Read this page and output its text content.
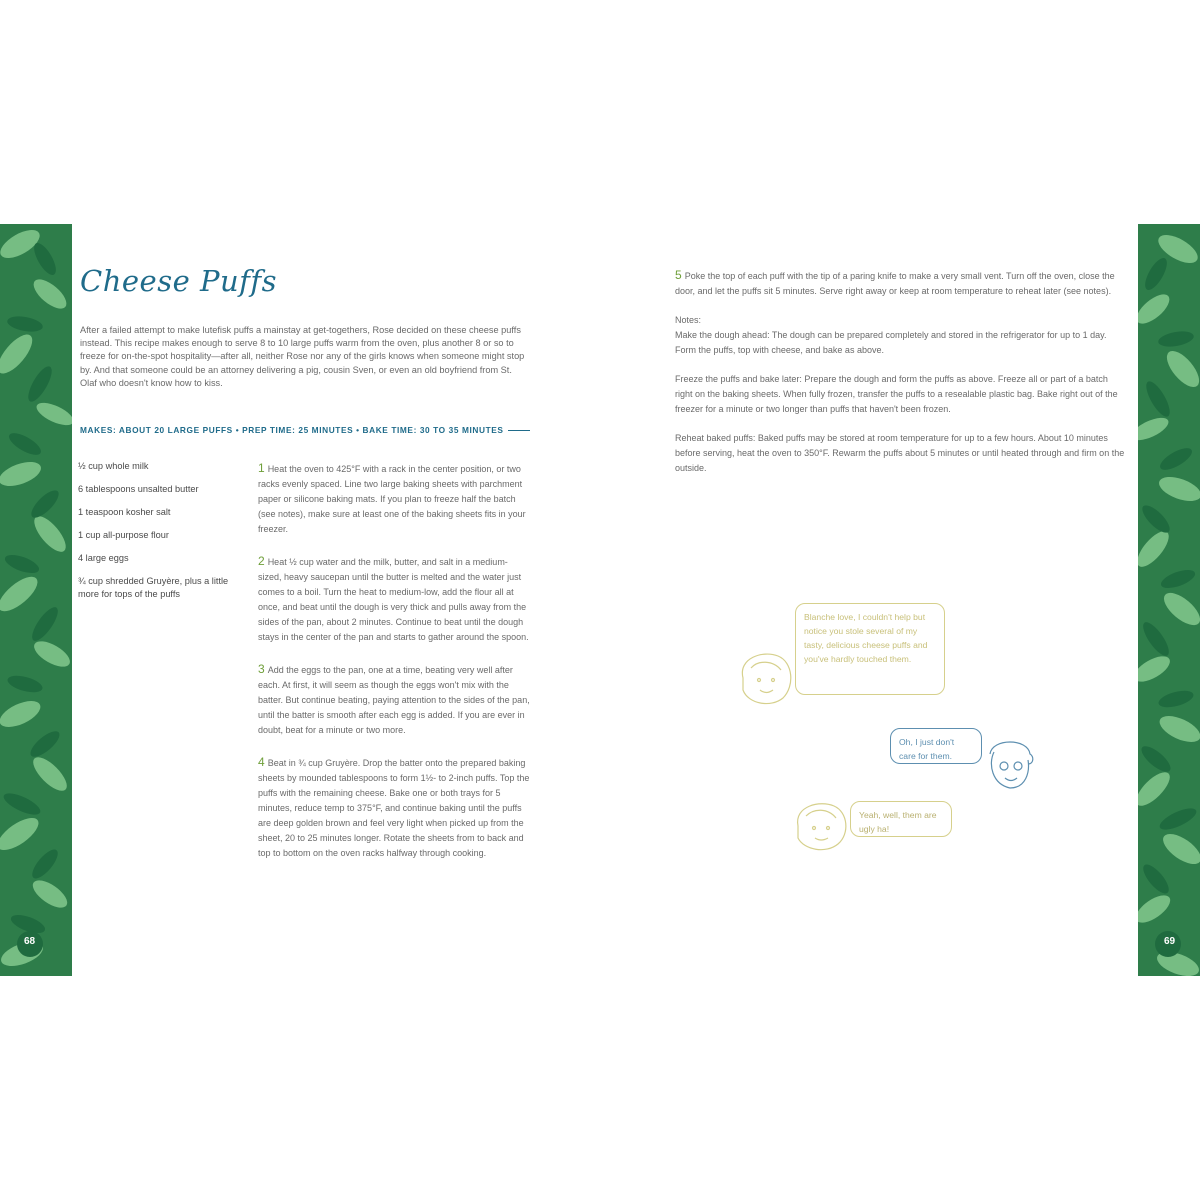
68	69
Cheese Puffs

After a failed attempt to make lutefisk puffs a mainstay at get-togethers, Rose decided on these cheese puffs instead. This recipe makes enough to serve 8 to 10 large puffs warm from the oven, plus another 8 or so to freeze for on-the-spot hospitality—after all, neither Rose nor any of the girls knows when someone might stop by. And that someone could be an attorney delivering a pig, cousin Sven, or even an old boyfriend from St. Olaf who doesn't know how to kiss.

MAKES: ABOUT 20 LARGE PUFFS • PREP TIME: 25 MINUTES • BAKE TIME: 30 TO 35 MINUTES
½ cup whole milk
6 tablespoons unsalted butter
1 teaspoon kosher salt
1 cup all-purpose flour
4 large eggs
¾ cup shredded Gruyère, plus a little more for tops of the puffs

1 Heat the oven to 425°F with a rack in the center position, or two racks evenly spaced. Line two large baking sheets with parchment paper or silicone baking mats. If you plan to freeze half the batch (see notes), make sure at least one of the baking sheets fits in your freezer.

2 Heat ½ cup water and the milk, butter, and salt in a medium-sized, heavy saucepan until the butter is melted and the water just comes to a boil. Turn the heat to medium-low, add the flour all at once, and beat until the dough is very thick and pulls away from the sides of the pan, about 2 minutes. Continue to beat until the dough stays in the center of the pan and starts to gather around the spoon.

3 Add the eggs to the pan, one at a time, beating very well after each. At first, it will seem as though the eggs won't mix with the batter. But continue beating, paying attention to the sides of the pan, until the batter is smooth after each egg is added. If you are ever in doubt, beat for a minute or two more.

4 Beat in ¾ cup Gruyère. Drop the batter onto the prepared baking sheets by mounded tablespoons to form 1½- to 2-inch puffs. Top the puffs with the remaining cheese. Bake one or both trays for 5 minutes, reduce temp to 375°F, and continue baking until the puffs are deep golden brown and feel very light when picked up from the sheet, 20 to 25 minutes longer. Rotate the sheets from to back and top to bottom on the oven racks halfway through cooking.

5 Poke the top of each puff with the tip of a paring knife to make a very small vent. Turn off the oven, close the door, and let the puffs sit 5 minutes. Serve right away or keep at room temperature to reheat later (see notes).

Notes:

Make the dough ahead: The dough can be prepared completely and stored in the refrigerator for up to 1 day. Form the puffs, top with cheese, and bake as above.

Freeze the puffs and bake later: Prepare the dough and form the puffs as above. Freeze all or part of a batch right on the baking sheets. When fully frozen, transfer the puffs to a resealable plastic bag. Bake right out of the freezer for a minute or two longer than puffs that haven't been frozen.

Reheat baked puffs: Baked puffs may be stored at room temperature for up to a few hours. About 10 minutes before serving, heat the oven to 350°F. Rewarm the puffs about 5 minutes or until heated through and firm on the outside.

Blanche love, I couldn't help but notice you stole several of my tasty, delicious cheese puffs and you've hardly touched them.
Oh, I just don't care for them.
Yeah, well, them are ugly ha!
